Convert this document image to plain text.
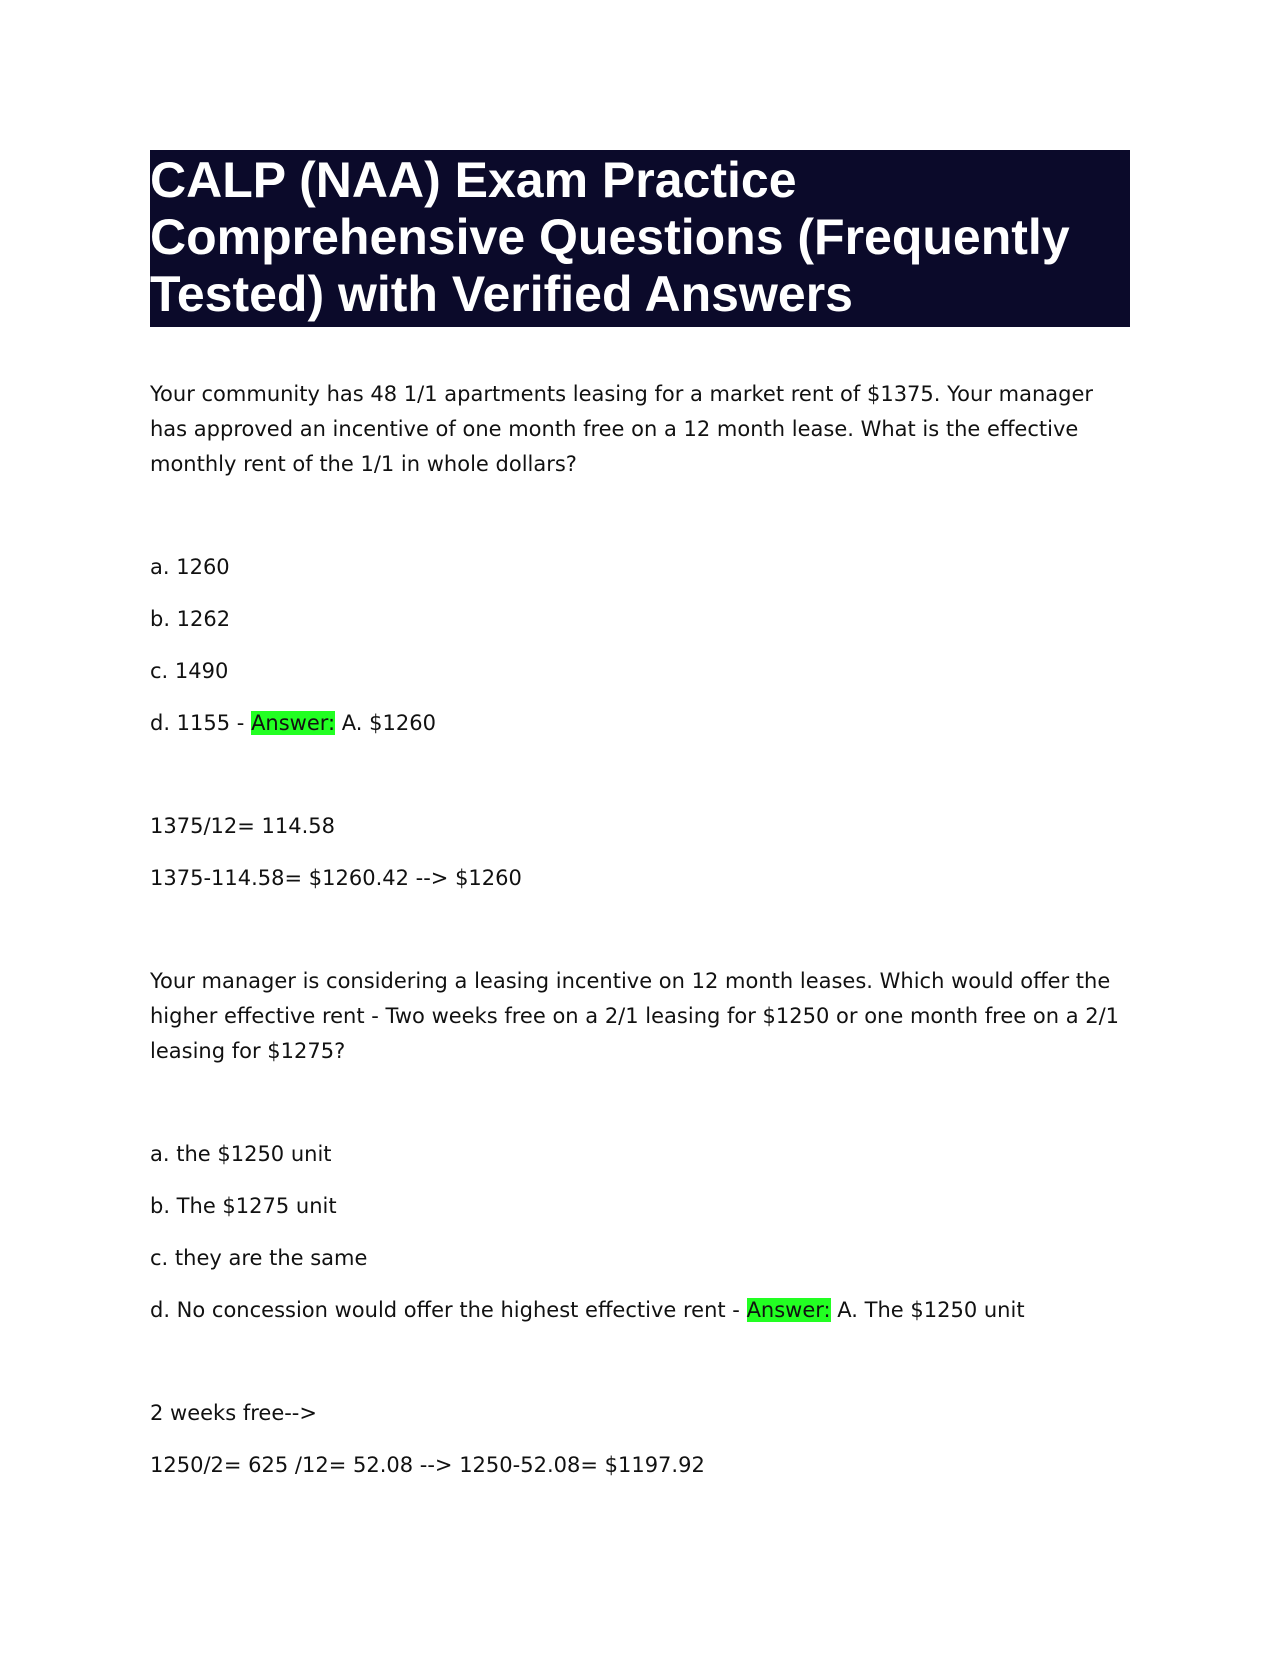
CALP (NAA) Exam Practice Comprehensive Questions (Frequently Tested) with Verified Answers

Your community has 48 1/1 apartments leasing for a market rent of $1375. Your manager has approved an incentive of one month free on a 12 month lease. What is the effective monthly rent of the 1/1 in whole dollars?

a. 1260

b. 1262

c. 1490

d. 1155 - Answer: A. $1260

1375/12= 114.58

1375-114.58= $1260.42 --> $1260

Your manager is considering a leasing incentive on 12 month leases. Which would offer the higher effective rent - Two weeks free on a 2/1 leasing for $1250 or one month free on a 2/1 leasing for $1275?

a. the $1250 unit

b. The $1275 unit

c. they are the same

d. No concession would offer the highest effective rent - Answer: A. The $1250 unit

2 weeks free-->

1250/2= 625 /12= 52.08 --> 1250-52.08= $1197.92
